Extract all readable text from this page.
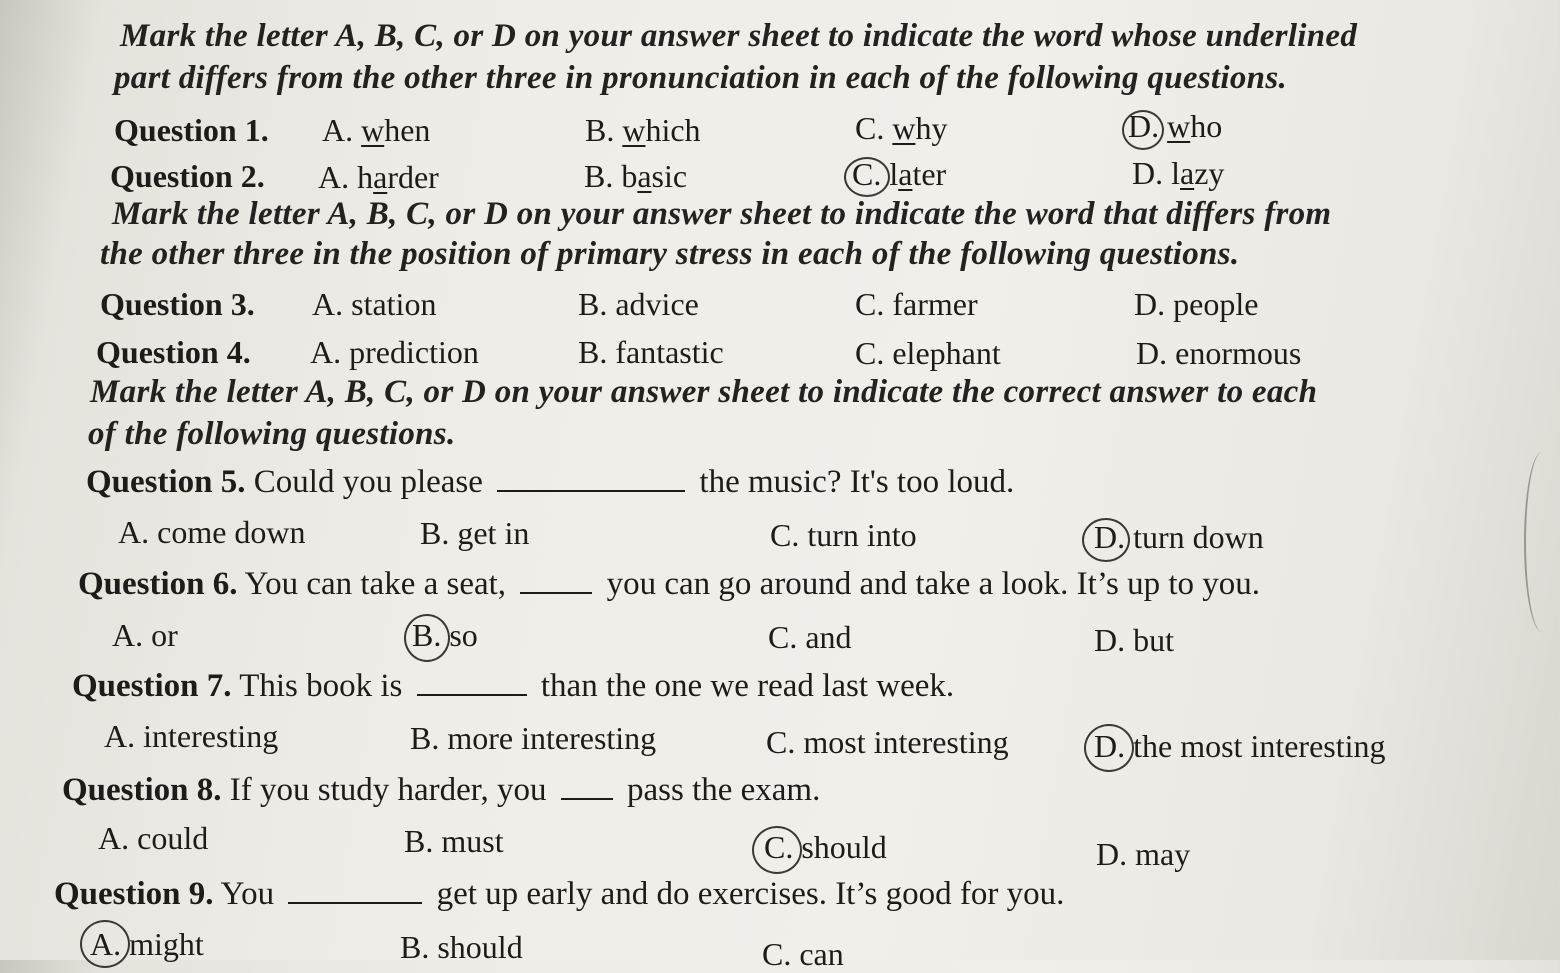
Mark the letter A, B, C, or D on your answer sheet to indicate the word whose underlined
part differs from the other three in pronunciation in each of the following questions.
Question 1. A. when	B. which	C. why	D. who
Question 2. A. harder	B. basic	C. later	D. lazy
Mark the letter A, B, C, or D on your answer sheet to indicate the word that differs from
the other three in the position of primary stress in each of the following questions.
Question 3. A. station	B. advice	C. farmer	D. people
Question 4. A. prediction	B. fantastic	C. elephant	D. enormous
Mark the letter A, B, C, or D on your answer sheet to indicate the correct answer to each
of the following questions.
Question 5. Could you please	the music? It's too loud.
A. come down	B. get in	C. turn into	D. turn down
Question 6. You can take a seat,	you can go around and take a look. It’s up to you.
A. or	B. so	C. and	D. but
Question 7. This book is	than the one we read last week.
A. interesting	B. more interesting	C. most interesting	D. the most interesting
Question 8. If you study harder, you pass the exam.
A. could	B. must	C. should	D. may
Question 9. You	get up early and do exercises. It’s good for you.
A. might	B. should	C. can
